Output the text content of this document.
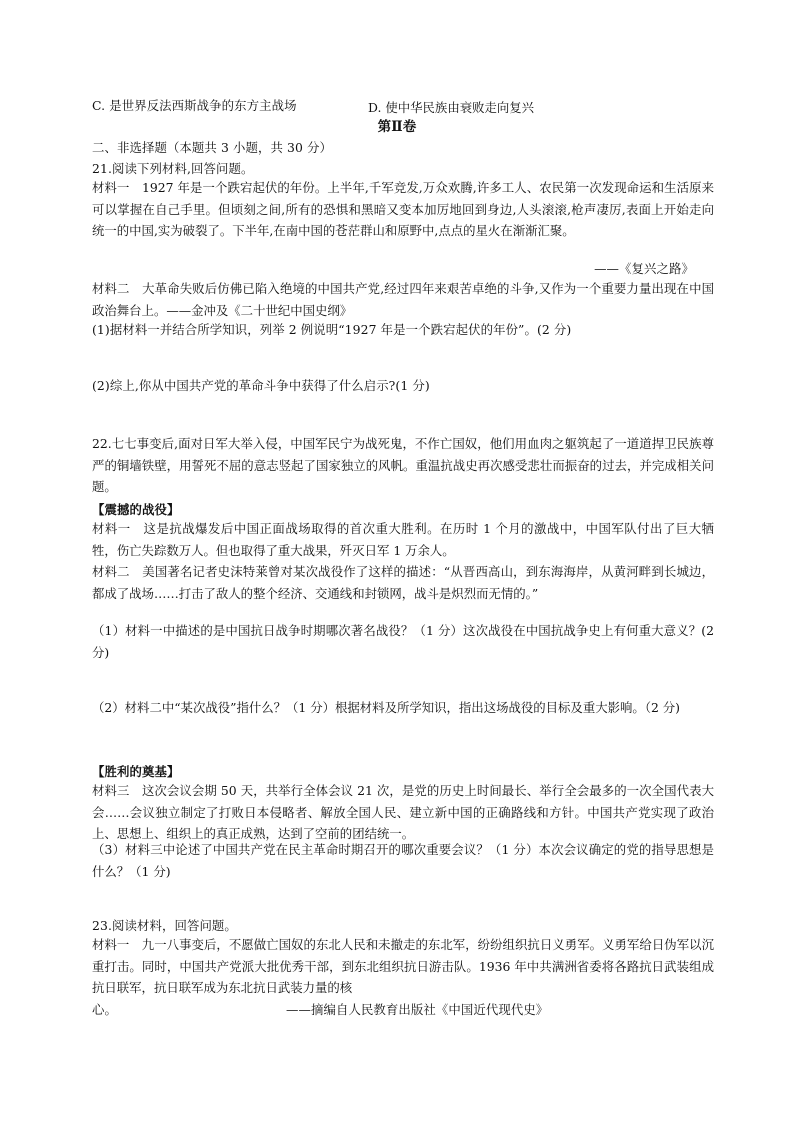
C. 是世界反法西斯战争的东方主战场	D. 使中华民族由衰败走向复兴
第Ⅱ卷
二、非选择题（本题共 3 小题，共 30 分）
21.阅读下列材料,回答问题。
材料一　1927 年是一个跌宕起伏的年份。上半年,千军竞发,万众欢腾,许多工人、农民第一次发现命运和生活原来可以掌握在自己手里。但顷刻之间,所有的恐惧和黑暗又变本加厉地回到身边,人头滚滚,枪声凄厉,表面上开始走向统一的中国,实为破裂了。下半年,在南中国的苍茫群山和原野中,点点的星火在渐渐汇聚。
——《复兴之路》
材料二　大革命失败后仿佛已陷入绝境的中国共产党,经过四年来艰苦卓绝的斗争,又作为一个重要力量出现在中国政治舞台上。——金冲及《二十世纪中国史纲》
(1)据材料一并结合所学知识，列举 2 例说明“1927 年是一个跌宕起伏的年份”。(2 分)
(2)综上,你从中国共产党的革命斗争中获得了什么启示?(1 分)
22.七七事变后,面对日军大举入侵，中国军民宁为战死鬼，不作亡国奴，他们用血肉之躯筑起了一道道捍卫民族尊严的铜墙铁壁，用誓死不屈的意志竖起了国家独立的风帆。重温抗战史再次感受悲壮而振奋的过去，并完成相关问题。
【震撼的战役】
材料一　这是抗战爆发后中国正面战场取得的首次重大胜利。在历时 1 个月的激战中，中国军队付出了巨大牺牲，伤亡失踪数万人。但也取得了重大战果，歼灭日军 1 万余人。
材料二　美国著名记者史沫特莱曾对某次战役作了这样的描述：“从晋西高山，到东海海岸，从黄河畔到长城边，都成了战场……打击了敌人的整个经济、交通线和封锁网，战斗是炽烈而无情的。”
（1）材料一中描述的是中国抗日战争时期哪次著名战役？（1 分）这次战役在中国抗战争史上有何重大意义？(2 分)
（2）材料二中“某次战役”指什么？（1 分）根据材料及所学知识，指出这场战役的目标及重大影响。（2 分)
【胜利的奠基】
材料三　这次会议会期 50 天，共举行全体会议 21 次，是党的历史上时间最长、举行全会最多的一次全国代表大会……会议独立制定了打败日本侵略者、解放全国人民、建立新中国的正确路线和方针。中国共产党实现了政治上、思想上、组织上的真正成熟，达到了空前的团结统一。
（3）材料三中论述了中国共产党在民主革命时期召开的哪次重要会议？（1 分）本次会议确定的党的指导思想是什么？（1 分)
23.阅读材料，回答问题。
材料一　九一八事变后，不愿做亡国奴的东北人民和未撤走的东北军，纷纷组织抗日义勇军。义勇军给日伪军以沉重打击。同时，中国共产党派大批优秀干部，到东北组织抗日游击队。1936 年中共满洲省委将各路抗日武装组成抗日联军，抗日联军成为东北抗日武装力量的核
心。	——摘编自人民教育出版社《中国近代现代史》
